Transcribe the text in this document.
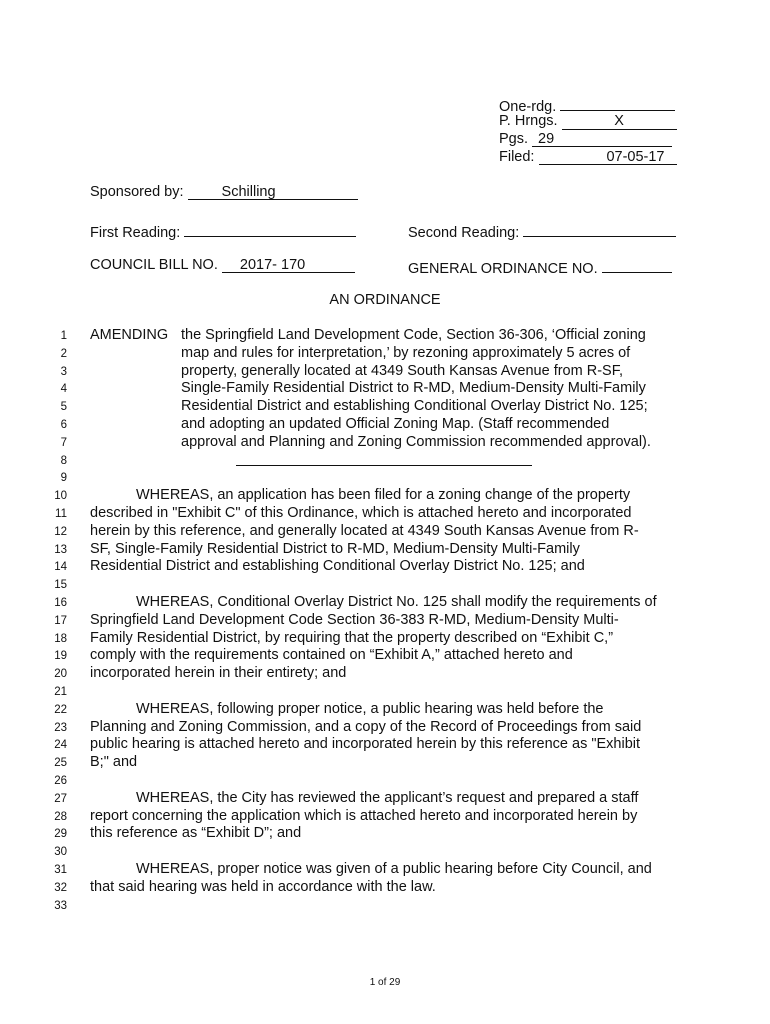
One-rdg.
P. Hrngs.	X
Pgs. 29
Filed:	07-05-17
Sponsored by:	Schilling
First Reading:	Second Reading:
COUNCIL BILL NO. 2017- 170	GENERAL ORDINANCE NO.
AN ORDINANCE
1
2
3
4
5
6
7
8
9
10
11
12
13
14
15
16
17
18
19
20
21
22
23
24
25
26
27
28
29
30
31
32
33
AMENDING the Springfield Land Development Code, Section 36-306, ‘Official zoning
map and rules for interpretation,’ by rezoning approximately 5 acres of
property, generally located at 4349 South Kansas Avenue from R-SF,
Single-Family Residential District to R-MD, Medium-Density Multi-Family
Residential District and establishing Conditional Overlay District No. 125;
and adopting an updated Official Zoning Map. (Staff recommended
approval and Planning and Zoning Commission recommended approval).
WHEREAS, an application has been filed for a zoning change of the property
described in "Exhibit C" of this Ordinance, which is attached hereto and incorporated
herein by this reference, and generally located at 4349 South Kansas Avenue from R-
SF, Single-Family Residential District to R-MD, Medium-Density Multi-Family
Residential District and establishing Conditional Overlay District No. 125; and
WHEREAS, Conditional Overlay District No. 125 shall modify the requirements of
Springfield Land Development Code Section 36-383 R-MD, Medium-Density Multi-
Family Residential District, by requiring that the property described on “Exhibit C,”
comply with the requirements contained on “Exhibit A,” attached hereto and
incorporated herein in their entirety; and
WHEREAS, following proper notice, a public hearing was held before the
Planning and Zoning Commission, and a copy of the Record of Proceedings from said
public hearing is attached hereto and incorporated herein by this reference as "Exhibit
B;" and
WHEREAS, the City has reviewed the applicant’s request and prepared a staff
report concerning the application which is attached hereto and incorporated herein by
this reference as “Exhibit D”; and
WHEREAS, proper notice was given of a public hearing before City Council, and
that said hearing was held in accordance with the law.
1 of 29
